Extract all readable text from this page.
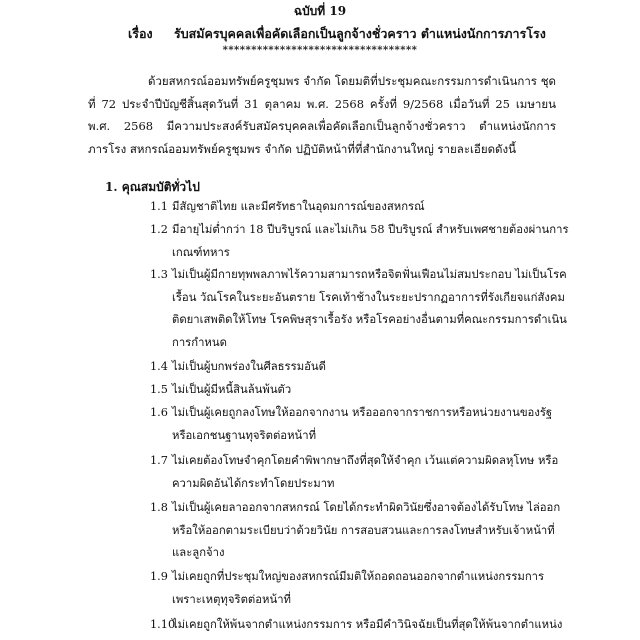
ฉบับที่ 19
เรื่อง รับสมัครบุคคลเพื่อคัดเลือกเป็นลูกจ้างชั่วคราว ตำแหน่งนักการภารโรง
**********************************

ด้วยสหกรณ์ออมทรัพย์ครูชุมพร จำกัด โดยมติที่ประชุมคณะกรรมการดำเนินการ ชุดที่ 72 ประจำปีบัญชีสิ้นสุดวันที่ 31 ตุลาคม พ.ศ. 2568 ครั้งที่ 9/2568 เมื่อวันที่ 25 เมษายน พ.ศ. 2568 มีความประสงค์รับสมัครบุคคลเพื่อคัดเลือกเป็นลูกจ้างชั่วคราว ตำแหน่งนักการภารโรง สหกรณ์ออมทรัพย์ครูชุมพร จำกัด ปฏิบัติหน้าที่ที่สำนักงานใหญ่ รายละเอียดดังนี้

1. คุณสมบัติทั่วไป
1.1 มีสัญชาติไทย และมีศรัทธาในอุดมการณ์ของสหกรณ์
1.2 มีอายุไม่ต่ำกว่า 18 ปีบริบูรณ์ และไม่เกิน 58 ปีบริบูรณ์ สำหรับเพศชายต้องผ่านการเกณฑ์ทหาร
1.3 ไม่เป็นผู้มีกายทุพพลภาพไร้ความสามารถหรือจิตฟั่นเฟือนไม่สมประกอบ ไม่เป็นโรคเรื้อน วัณโรคในระยะอันตราย โรคเท้าช้างในระยะปรากฏอาการที่รังเกียจแก่สังคม ติดยาเสพติดให้โทษ โรคพิษสุราเรื้อรัง หรือโรคอย่างอื่นตามที่คณะกรรมการดำเนินการกำหนด
1.4 ไม่เป็นผู้บกพร่องในศีลธรรมอันดี
1.5 ไม่เป็นผู้มีหนี้สินล้นพ้นตัว
1.6 ไม่เป็นผู้เคยถูกลงโทษให้ออกจากงาน หรือออกจากราชการหรือหน่วยงานของรัฐหรือเอกชนฐานทุจริตต่อหน้าที่
1.7 ไม่เคยต้องโทษจำคุกโดยคำพิพากษาถึงที่สุดให้จำคุก เว้นแต่ความผิดลหุโทษ หรือความผิดอันได้กระทำโดยประมาท
1.8 ไม่เป็นผู้เคยลาออกจากสหกรณ์ โดยได้กระทำผิดวินัยซึ่งอาจต้องได้รับโทษ ไล่ออกหรือให้ออกตามระเบียบว่าด้วยวินัย การสอบสวนและการลงโทษสำหรับเจ้าหน้าที่และลูกจ้าง
1.9 ไม่เคยถูกที่ประชุมใหญ่ของสหกรณ์มีมติให้ถอดถอนออกจากตำแหน่งกรรมการเพราะเหตุทุจริตต่อหน้าที่
1.10
ไม่เคยถูกให้พ้นจากตำแหน่งกรรมการ หรือมีคำวินิจฉัยเป็นที่สุดให้พ้นจากตำแหน่ง
